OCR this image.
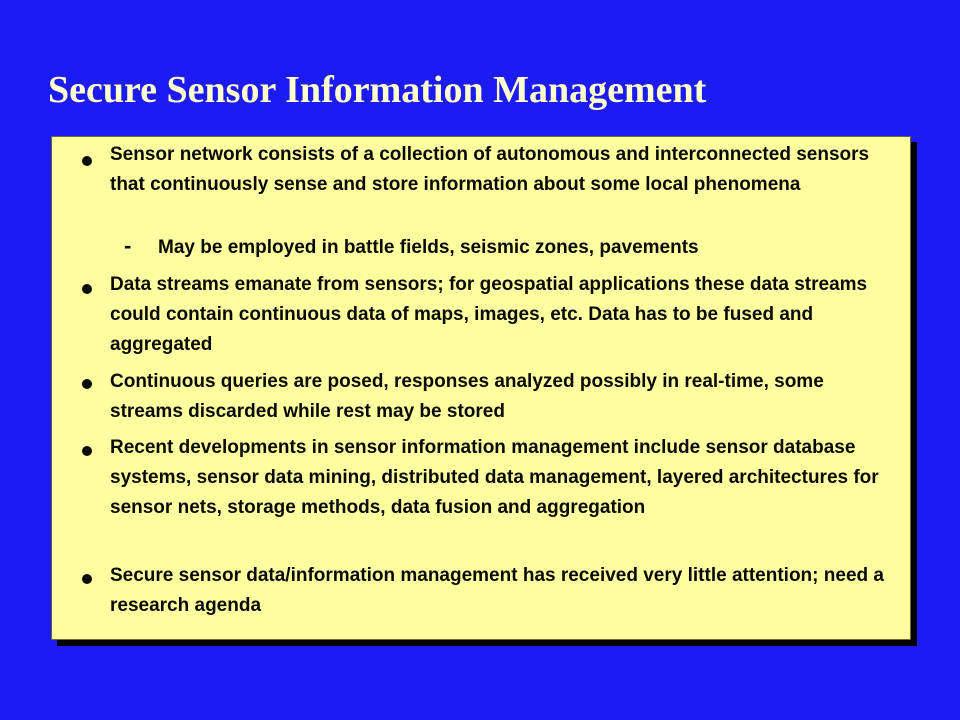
Secure Sensor Information Management
Sensor network consists of a collection of autonomous and interconnected sensors that continuously sense and store information about some local phenomena
- May be employed in battle fields, seismic zones, pavements
Data streams emanate from sensors; for geospatial applications these data streams could contain continuous data of maps, images, etc. Data has to be fused and aggregated
Continuous queries are posed, responses analyzed possibly in real-time, some streams discarded while rest may be stored
Recent developments in sensor information management include sensor database systems, sensor data mining, distributed data management, layered architectures for sensor nets, storage methods, data fusion and aggregation
Secure sensor data/information management has received very little attention; need a research agenda
